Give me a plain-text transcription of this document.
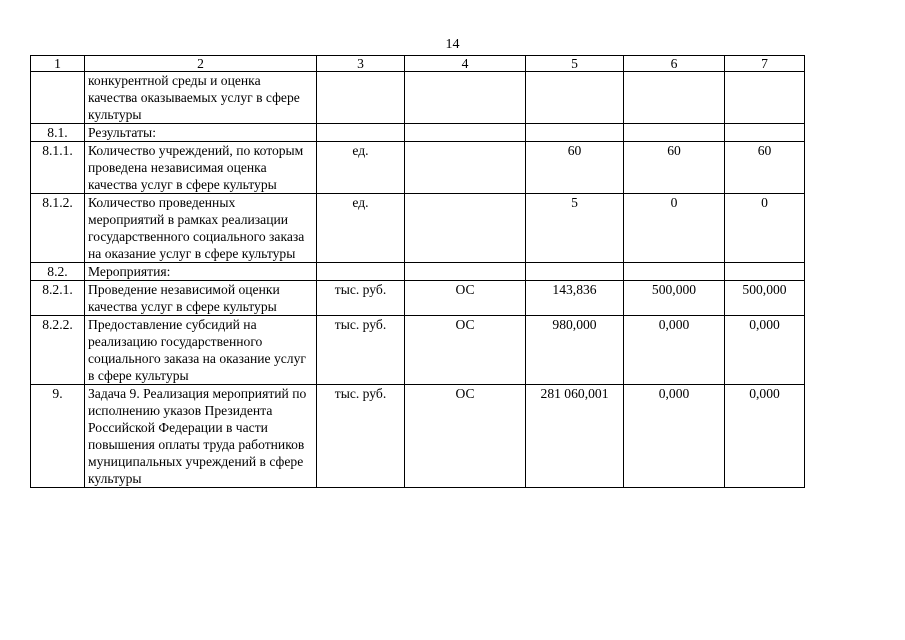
14
1	2	3	4	5	6	7
	конкурентной среды и оценка качества оказываемых услуг в сфере культуры					
8.1.	Результаты:					
8.1.1.	Количество учреждений, по которым проведена независимая оценка качества услуг в сфере культуры	ед.		60	60	60
8.1.2.	Количество проведенных мероприятий в рамках реализации государственного социального заказа на оказание услуг в сфере культуры	ед.		5	0	0
8.2.	Мероприятия:					
8.2.1.	Проведение независимой оценки качества услуг в сфере культуры	тыс. руб.	ОС	143,836	500,000	500,000
8.2.2.	Предоставление субсидий на реализацию государственного социального заказа на оказание услуг в сфере культуры	тыс. руб.	ОС	980,000	0,000	0,000
9.	Задача 9. Реализация мероприятий по исполнению указов Президента Российской Федерации в части повышения оплаты труда работников муниципальных учреждений в сфере культуры	тыс. руб.	ОС	281 060,001	0,000	0,000
